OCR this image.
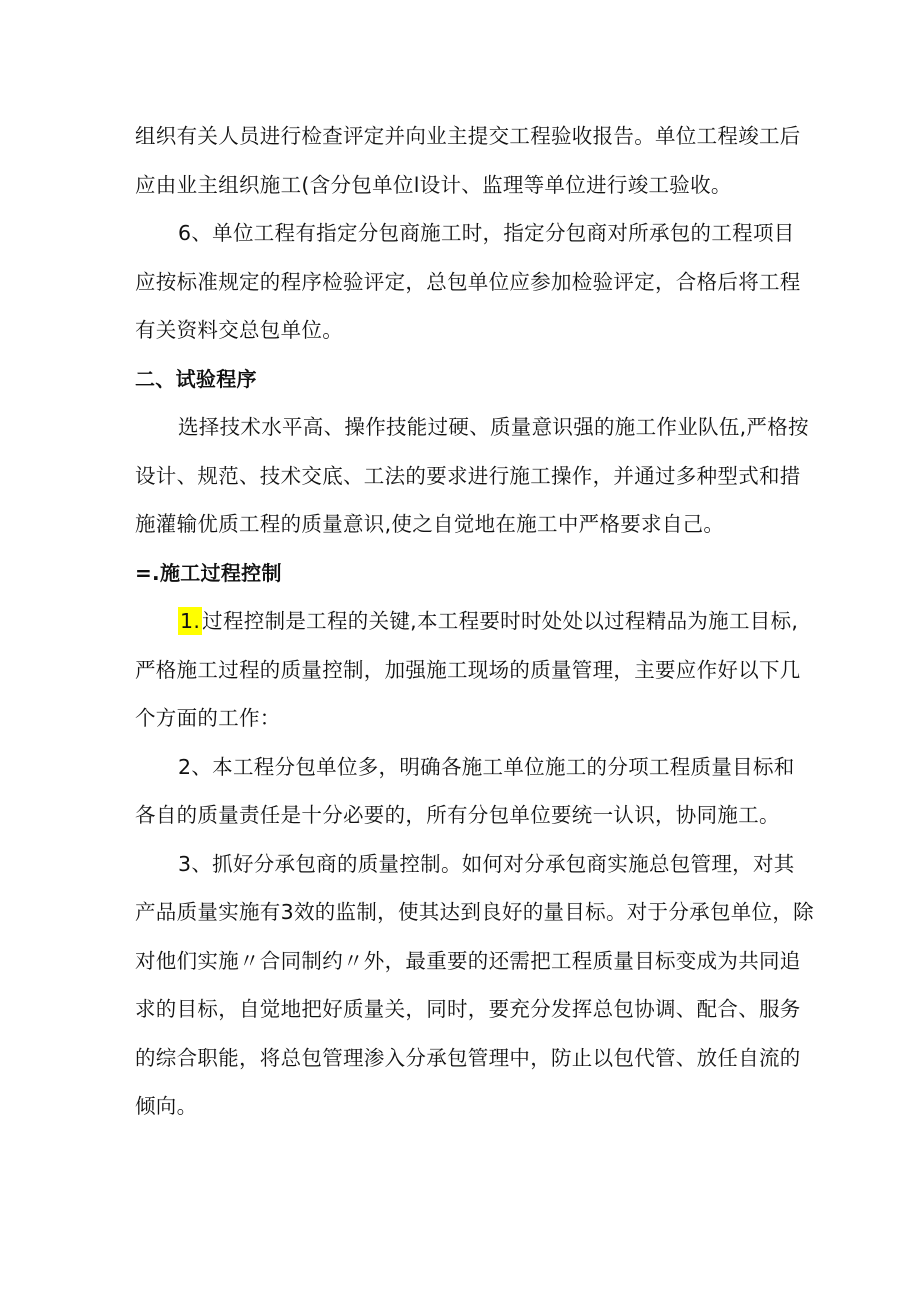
组织有关人员进行检查评定并向业主提交工程验收报告。单位工程竣工后
应由业主组织施工(含分包单位l设计、监理等单位进行竣工验收。

6、单位工程有指定分包商施工时，指定分包商对所承包的工程项目
应按标准规定的程序检验评定，总包单位应参加检验评定，合格后将工程
有关资料交总包单位。

二、试验程序

选择技术水平高、操作技能过硬、质量意识强的施工作业队伍,严格按
设计、规范、技术交底、工法的要求进行施工操作，并通过多种型式和措
施灌输优质工程的质量意识,使之自觉地在施工中严格要求自己。

=.施工过程控制

1.过程控制是工程的关键,本工程要时时处处以过程精品为施工目标,
严格施工过程的质量控制，加强施工现场的质量管理，主要应作好以下几
个方面的工作：

2、本工程分包单位多，明确各施工单位施工的分项工程质量目标和
各自的质量责任是十分必要的，所有分包单位要统一认识，协同施工。

3、抓好分承包商的质量控制。如何对分承包商实施总包管理，对其
产品质量实施有3效的监制，使其达到良好的量目标。对于分承包单位，除
对他们实施〃合同制约〃外，最重要的还需把工程质量目标变成为共同追
求的目标，自觉地把好质量关，同时，要充分发挥总包协调、配合、服务
的综合职能，将总包管理渗入分承包管理中，防止以包代管、放任自流的
倾向。
